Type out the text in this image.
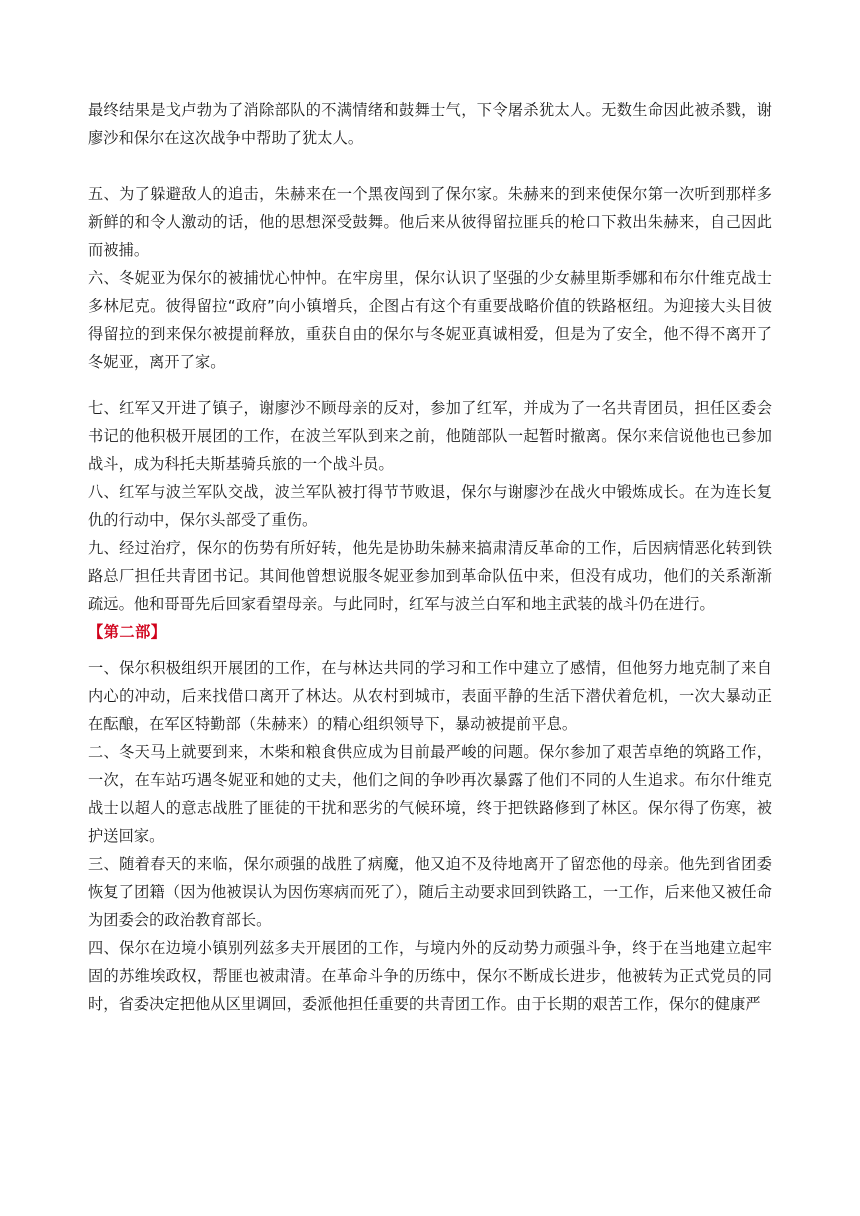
最终结果是戈卢勃为了消除部队的不满情绪和鼓舞士气，下令屠杀犹太人。无数生命因此被杀戮，谢廖沙和保尔在这次战争中帮助了犹太人。

五、为了躲避敌人的追击，朱赫来在一个黑夜闯到了保尔家。朱赫来的到来使保尔第一次听到那样多新鲜的和令人激动的话，他的思想深受鼓舞。他后来从彼得留拉匪兵的枪口下救出朱赫来，自己因此而被捕。

六、冬妮亚为保尔的被捕忧心忡忡。在牢房里，保尔认识了坚强的少女赫里斯季娜和布尔什维克战士多林尼克。彼得留拉“政府”向小镇增兵，企图占有这个有重要战略价值的铁路枢纽。为迎接大头目彼得留拉的到来保尔被提前释放，重获自由的保尔与冬妮亚真诚相爱，但是为了安全，他不得不离开了冬妮亚，离开了家。

七、红军又开进了镇子，谢廖沙不顾母亲的反对，参加了红军，并成为了一名共青团员，担任区委会书记的他积极开展团的工作，在波兰军队到来之前，他随部队一起暂时撤离。保尔来信说他也已参加战斗，成为科托夫斯基骑兵旅的一个战斗员。

八、红军与波兰军队交战，波兰军队被打得节节败退，保尔与谢廖沙在战火中锻炼成长。在为连长复仇的行动中，保尔头部受了重伤。

九、经过治疗，保尔的伤势有所好转，他先是协助朱赫来搞肃清反革命的工作，后因病情恶化转到铁路总厂担任共青团书记。其间他曾想说服冬妮亚参加到革命队伍中来，但没有成功，他们的关系渐渐疏远。他和哥哥先后回家看望母亲。与此同时，红军与波兰白军和地主武装的战斗仍在进行。

【第二部】

一、保尔积极组织开展团的工作，在与林达共同的学习和工作中建立了感情，但他努力地克制了来自内心的冲动，后来找借口离开了林达。从农村到城市，表面平静的生活下潜伏着危机，一次大暴动正在酝酿，在军区特勤部（朱赫来）的精心组织领导下，暴动被提前平息。

二、冬天马上就要到来，木柴和粮食供应成为目前最严峻的问题。保尔参加了艰苦卓绝的筑路工作，一次，在车站巧遇冬妮亚和她的丈夫，他们之间的争吵再次暴露了他们不同的人生追求。布尔什维克战士以超人的意志战胜了匪徒的干扰和恶劣的气候环境，终于把铁路修到了林区。保尔得了伤寒，被护送回家。

三、随着春天的来临，保尔顽强的战胜了病魔，他又迫不及待地离开了留恋他的母亲。他先到省团委恢复了团籍（因为他被误认为因伤寒病而死了），随后主动要求回到铁路工，一工作，后来他又被任命为团委会的政治教育部长。

四、保尔在边境小镇别列兹多夫开展团的工作，与境内外的反动势力顽强斗争，终于在当地建立起牢固的苏维埃政权，帮匪也被肃清。在革命斗争的历练中，保尔不断成长进步，他被转为正式党员的同时，省委决定把他从区里调回，委派他担任重要的共青团工作。由于长期的艰苦工作，保尔的健康严
